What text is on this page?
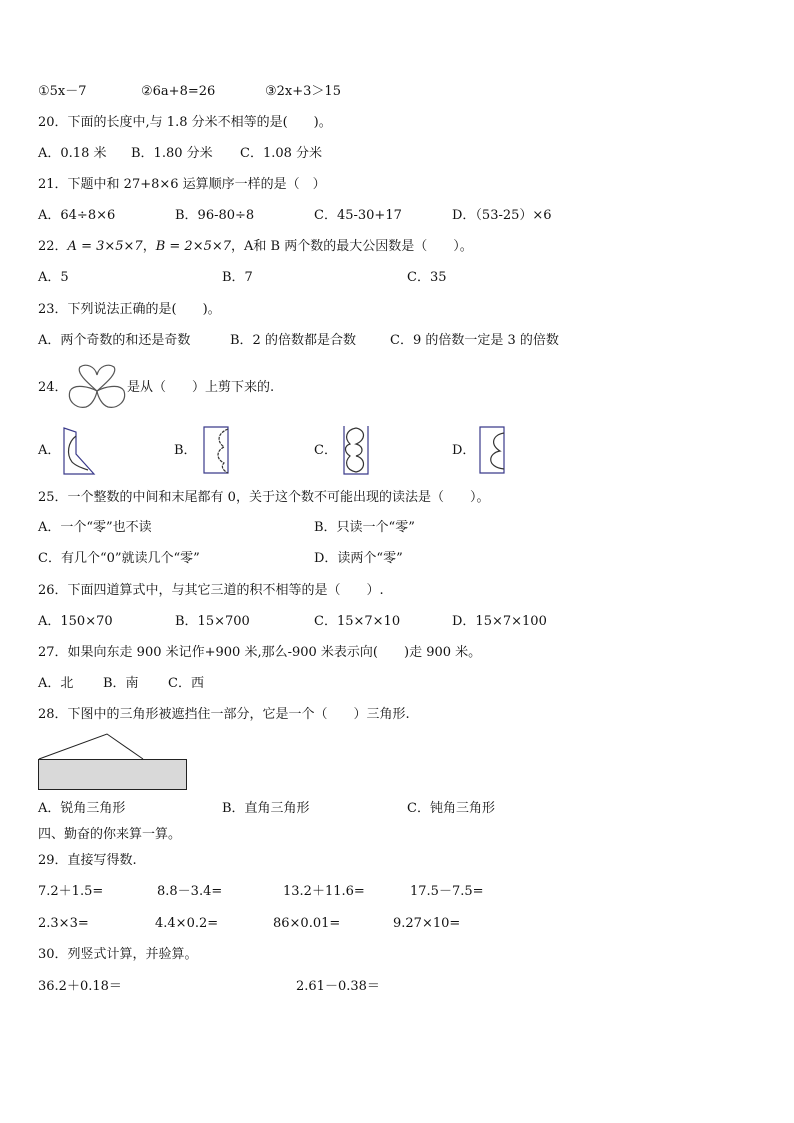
①5x－7	②6a+8=26	③2x+3＞15
20．下面的长度中,与 1.8 分米不相等的是(　　)。
A．0.18 米 B．1.80 分米 C．1.08 分米
21．下题中和 27+8×6 运算顺序一样的是（　）
A．64÷8×6	B．96-80÷8	C．45-30+17	D．（53-25）×6
22．A = 3×5×7，B = 2×5×7，A和 B 两个数的最大公因数是（　　）。
A．5	B．7	C．35
23．下列说法正确的是(　　)。
A．两个奇数的和还是奇数	B．2 的倍数都是合数	C．9 的倍数一定是 3 的倍数
24．	是从（　　）上剪下来的.
A．	B．	C．	D．
25．一个整数的中间和末尾都有 0，关于这个数不可能出现的读法是（　　）。
A．一个“零”也不读	B．只读一个“零”
C．有几个“0”就读几个“零”	D．读两个“零”
26．下面四道算式中，与其它三道的积不相等的是（　　）.
A．150×70	B．15×700	C．15×7×10	D．15×7×100
27．如果向东走 900 米记作+900 米,那么-900 米表示向(　　)走 900 米。
A．北 B．南 C．西
28．下图中的三角形被遮挡住一部分，它是一个（　　）三角形.
A．锐角三角形	B．直角三角形	C．钝角三角形
四、勤奋的你来算一算。
29．直接写得数.
7.2＋1.5=	8.8－3.4=	13.2＋11.6=	17.5－7.5=
2.3×3=	4.4×0.2=	86×0.01=	9.27×10=
30．列竖式计算，并验算。
36.2＋0.18＝	2.61－0.38＝
